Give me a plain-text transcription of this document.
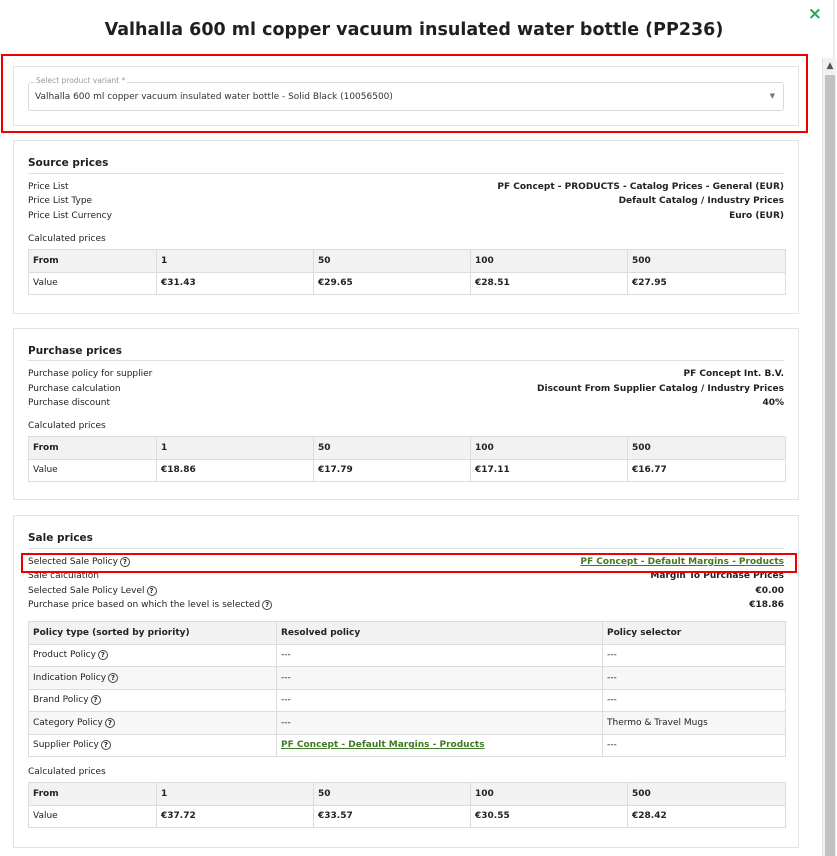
Valhalla 600 ml copper vacuum insulated water bottle (PP236)
×
▲
Select product variant *
Valhalla 600 ml copper vacuum insulated water bottle - Solid Black (10056500)	▼
Source prices
Price List	PF Concept - PRODUCTS - Catalog Prices - General (EUR)
Price List Type	Default Catalog / Industry Prices
Price List Currency	Euro (EUR)
Calculated prices
From	1	50	100	500
Value	€31.43	€29.65	€28.51	€27.95
Purchase prices
Purchase policy for supplier	PF Concept Int. B.V.
Purchase calculation	Discount From Supplier Catalog / Industry Prices
Purchase discount	40%
Calculated prices
From	1	50	100	500
Value	€18.86	€17.79	€17.11	€16.77
Sale prices
Selected Sale Policy ?	PF Concept - Default Margins - Products
Sale calculation	Margin To Purchase Prices
Selected Sale Policy Level ?	€0.00
Purchase price based on which the level is selected ?	€18.86
Policy type (sorted by priority)	Resolved policy	Policy selector
Product Policy ?	---	---
Indication Policy ?	---	---
Brand Policy ?	---	---
Category Policy ?	---	Thermo & Travel Mugs
Supplier Policy ?	PF Concept - Default Margins - Products	---
Calculated prices
From	1	50	100	500
Value	€37.72	€33.57	€30.55	€28.42
